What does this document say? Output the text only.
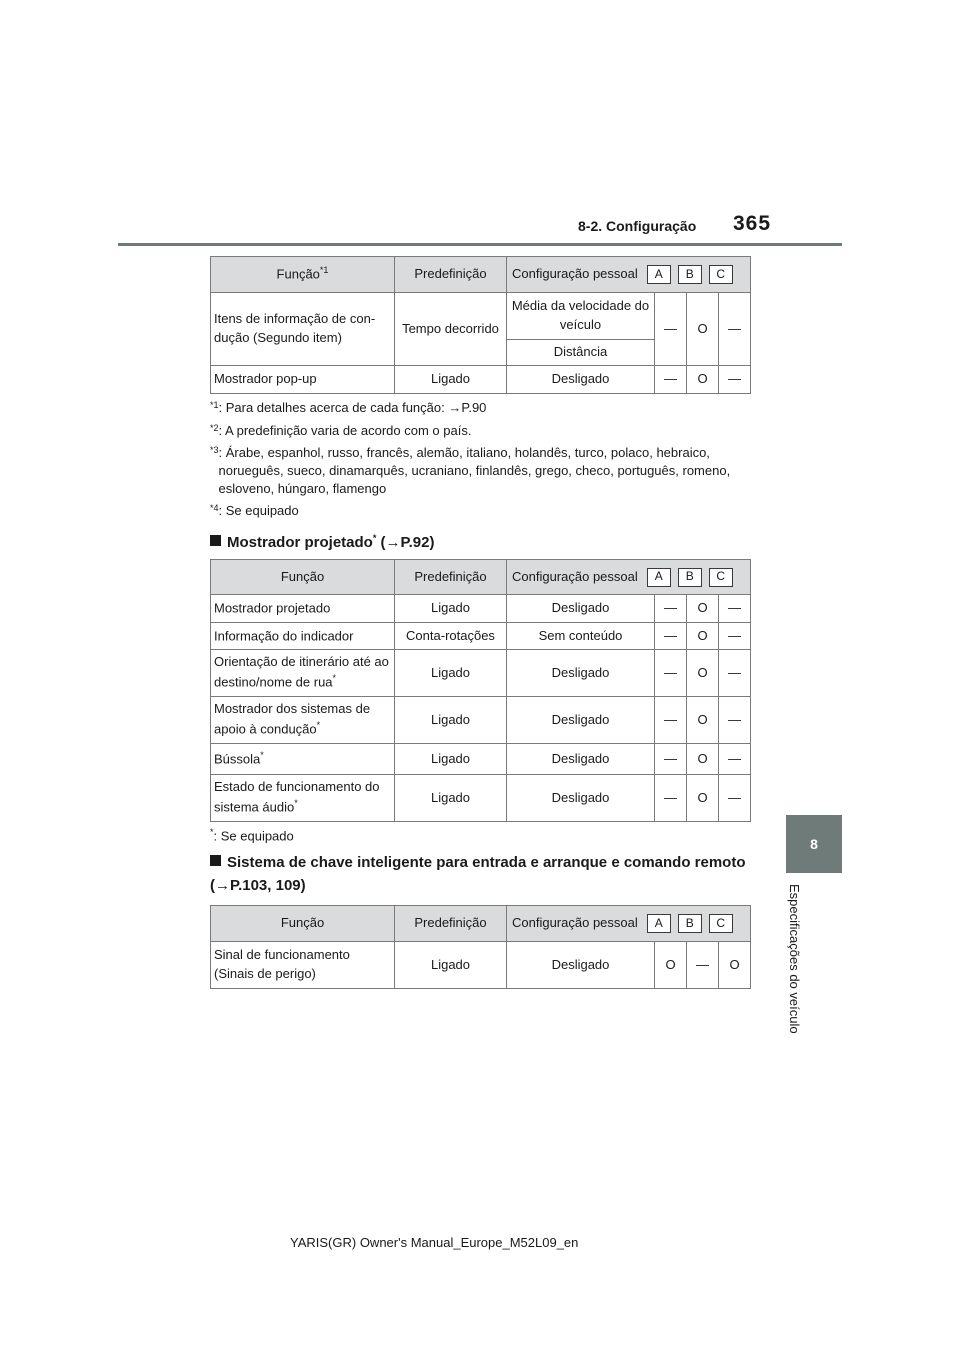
8-2. Configuração 365
8
Especificações do veículo
Função$^{*1}$	Predefinição	Configuração pessoal A B C			

Itens de informação de con-dução (Segundo item)	Tempo decorrido	Média da velocidade do veículo	—	O	—
		Distância			
Mostrador pop-up	Ligado	Desligado	—	O	—
$^{*1}$ : Para detalhes acerca de cada função: →P.90
$^{*2}$ : A predefinição varia de acordo com o país.
$^{*3}$ : Árabe, espanhol, russo, francês, alemão, italiano, holandês, turco, polaco, hebraico, norueguês, sueco, dinamarquês, ucraniano, finlandês, grego, checo, português, romeno, esloveno, húngaro, flamengo
$^{*4}$ : Se equipado
Mostrador projetado* (→P.92)
Função	Predefinição	Configuração pessoal A B C			

Mostrador projetado	Ligado	Desligado	—	O	—
Informação do indicador	Conta-rotações	Sem conteúdo	—	O	—
Orientação de itinerário até ao destino/nome de rua*	Ligado	Desligado	—	O	—
Mostrador dos sistemas de apoio à condução*	Ligado	Desligado	—	O	—
Bússola*	Ligado	Desligado	—	O	—
Estado de funcionamento do sistema áudio*	Ligado	Desligado	—	O	—
*: Se equipado
Sistema de chave inteligente para entrada e arranque e comando remoto (→P.103, 109)
Função	Predefinição	Configuração pessoal A B C			

Sinal de funcionamento (Sinais de perigo)	Ligado	Desligado	O	—	O
YARIS(GR) Owner's Manual_Europe_M52L09_en
